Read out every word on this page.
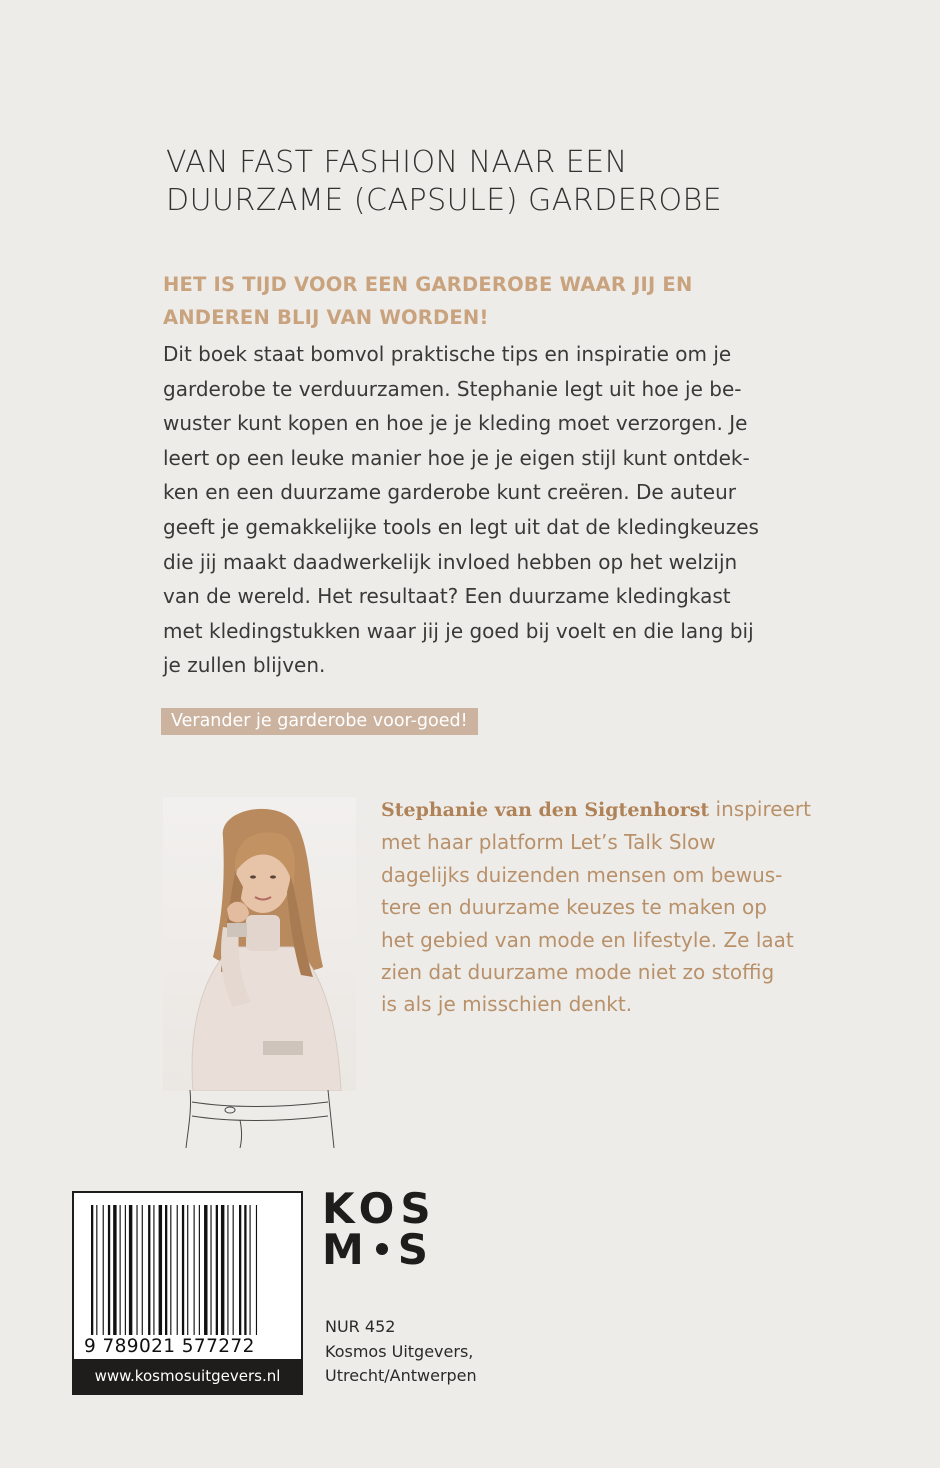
VAN FAST FASHION NAAR EEN
DUURZAME (CAPSULE) GARDEROBE
HET IS TIJD VOOR EEN GARDEROBE WAAR JIJ EN
ANDEREN BLIJ VAN WORDEN!
Dit boek staat bomvol praktische tips en inspiratie om je
garderobe te verduurzamen. Stephanie legt uit hoe je be-
wuster kunt kopen en hoe je je kleding moet verzorgen. Je
leert op een leuke manier hoe je je eigen stijl kunt ontdek-
ken en een duurzame garderobe kunt creëren. De auteur
geeft je gemakkelijke tools en legt uit dat de kledingkeuzes
die jij maakt daadwerkelijk invloed hebben op het welzijn
van de wereld. Het resultaat? Een duurzame kledingkast
met kledingstukken waar jij je goed bij voelt en die lang bij
je zullen blijven.
Verander je garderobe voor-goed!
Stephanie van den Sigtenhorst inspireert
met haar platform Let’s Talk Slow
dagelijks duizenden mensen om bewus-
tere en duurzame keuzes te maken op
het gebied van mode en lifestyle. Ze laat
zien dat duurzame mode niet zo stoffig
is als je misschien denkt.
9 789021 577272
www.kosmosuitgevers.nl
KOS
M S
NUR 452
Kosmos Uitgevers,
Utrecht/Antwerpen
